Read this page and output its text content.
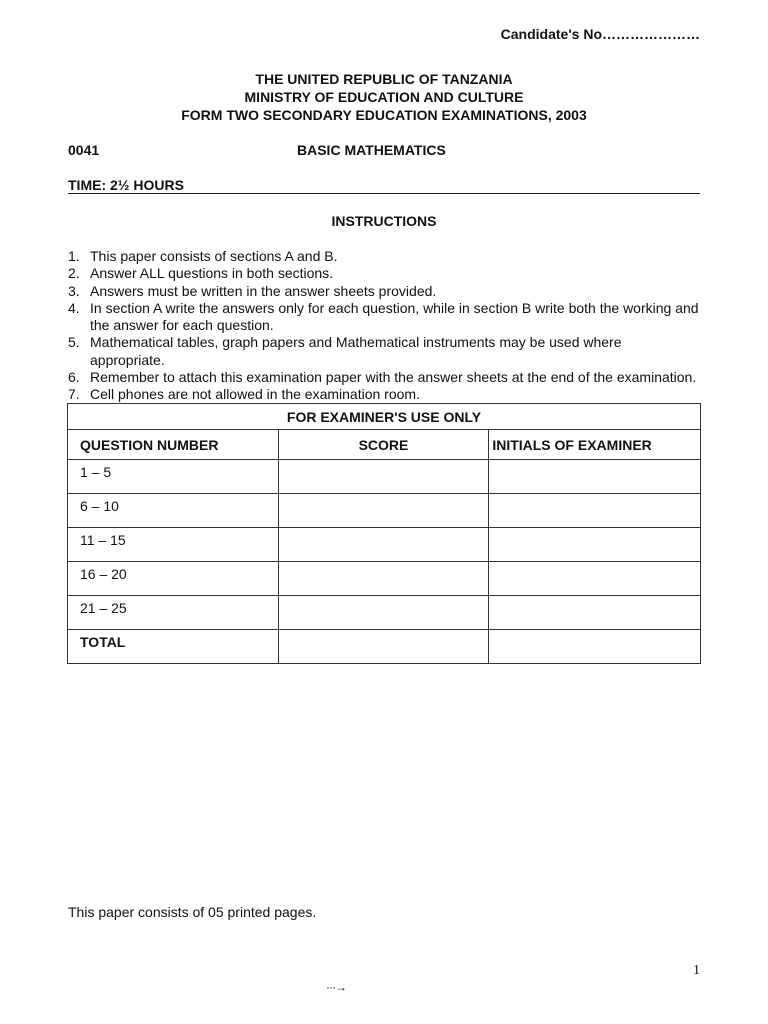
Candidate's No…………………
THE UNITED REPUBLIC OF TANZANIA
MINISTRY OF EDUCATION AND CULTURE
FORM TWO SECONDARY EDUCATION EXAMINATIONS, 2003
0041	BASIC MATHEMATICS
TIME: 2½ HOURS
INSTRUCTIONS
1. This paper consists of sections A and B.
2. Answer ALL questions in both sections.
3. Answers must be written in the answer sheets provided.
4. In section A write the answers only for each question, while in section B write both the working and the answer for each question.
5. Mathematical tables, graph papers and Mathematical instruments may be used where appropriate.
6. Remember to attach this examination paper with the answer sheets at the end of the examination.
7. Cell phones are not allowed in the examination room.
FOR EXAMINER'S USE ONLY		
QUESTION NUMBER	SCORE	INITIALS OF EXAMINER
1 – 5		
6 – 10		
11 – 15		
16 – 20		
21 – 25		
TOTAL		
This paper consists of 05 printed pages.
1
···→
